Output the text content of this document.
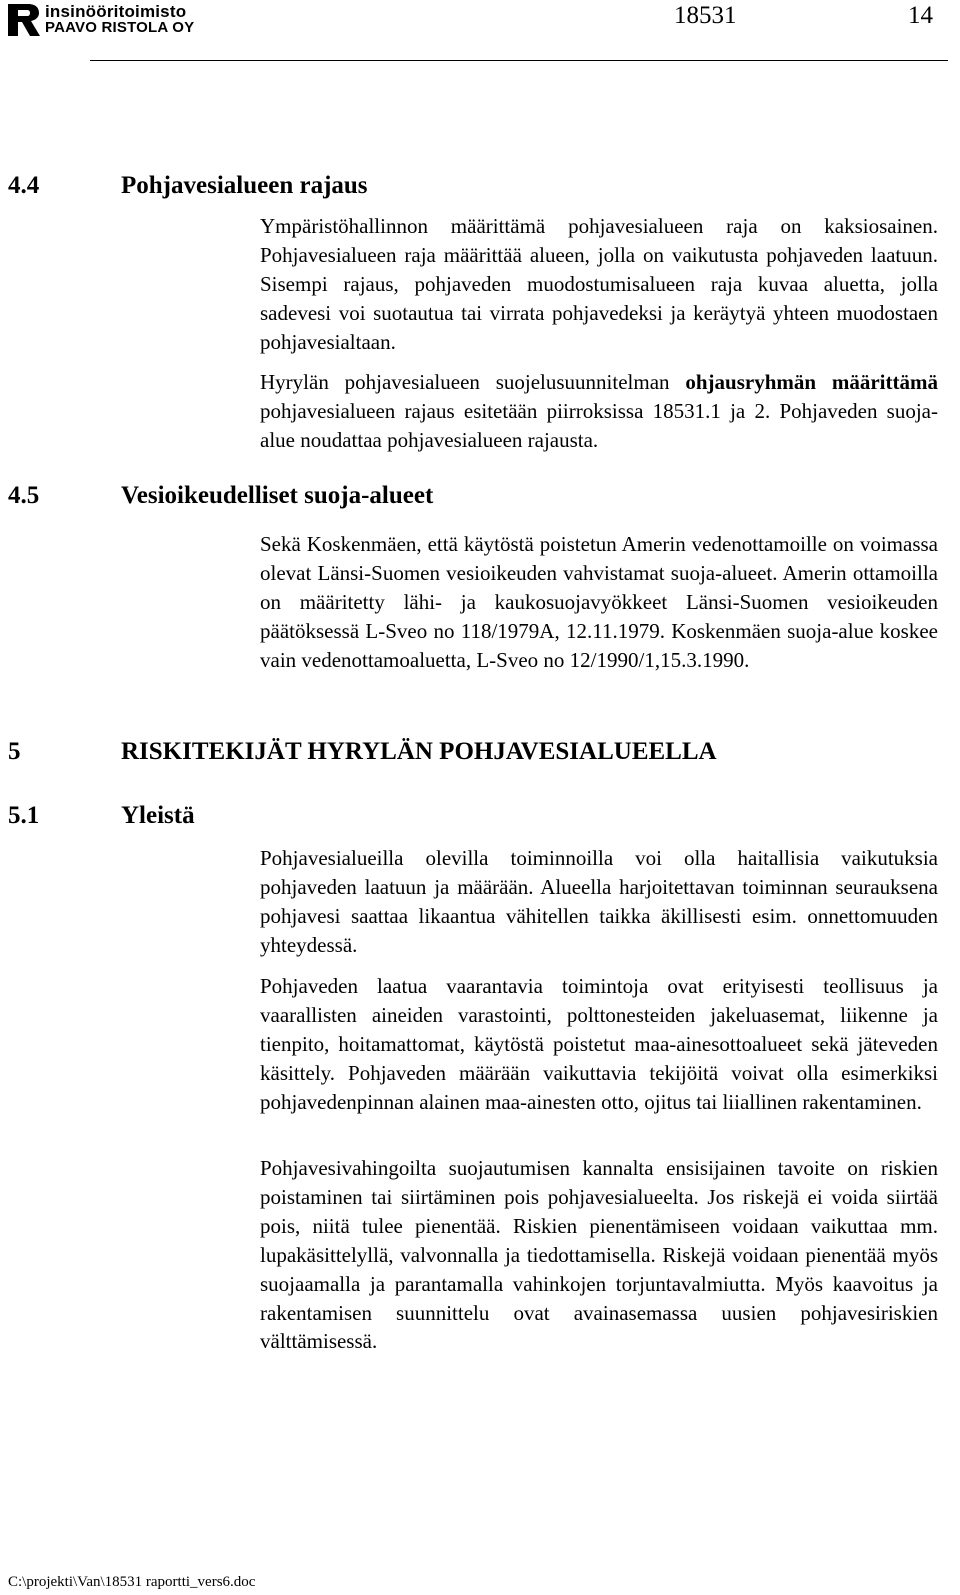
insinööritoimisto
PAAVO RISTOLA OY	18531	14
4.4	Pohjavesialueen rajaus

Ympäristöhallinnon määrittämä pohjavesialueen raja on kaksiosainen. Pohjavesialueen raja määrittää alueen, jolla on vaikutusta pohjaveden laatuun. Sisempi rajaus, pohjaveden muodostumisalueen raja kuvaa aluetta, jolla sadevesi voi suotautua tai virrata pohjavedeksi ja keräytyä yhteen muodostaen pohjavesialtaan.

Hyrylän pohjavesialueen suojelusuunnitelman ohjausryhmän määrittämä pohjavesialueen rajaus esitetään piirroksissa 18531.1 ja 2. Pohjaveden suoja-alue noudattaa pohjavesialueen rajausta.

4.5	Vesioikeudelliset suoja-alueet

Sekä Koskenmäen, että käytöstä poistetun Amerin vedenottamoille on voimassa olevat Länsi-Suomen vesioikeuden vahvistamat suoja-alueet. Amerin ottamoilla on määritetty lähi- ja kaukosuojavyökkeet Länsi-Suomen vesioikeuden päätöksessä L-Sveo no 118/1979A, 12.11.1979. Koskenmäen suoja-alue koskee vain vedenottamoaluetta, L-Sveo no 12/1990/1,15.3.1990.

5	RISKITEKIJÄT HYRYLÄN POHJAVESIALUEELLA
5.1	Yleistä

Pohjavesialueilla olevilla toiminnoilla voi olla haitallisia vaikutuksia pohjaveden laatuun ja määrään. Alueella harjoitettavan toiminnan seurauksena pohjavesi saattaa likaantua vähitellen taikka äkillisesti esim. onnettomuuden yhteydessä.

Pohjaveden laatua vaarantavia toimintoja ovat erityisesti teollisuus ja vaarallisten aineiden varastointi, polttonesteiden jakeluasemat, liikenne ja tienpito, hoitamattomat, käytöstä poistetut maa-ainesottoalueet sekä jäteveden käsittely. Pohjaveden määrään vaikuttavia tekijöitä voivat olla esimerkiksi pohjavedenpinnan alainen maa-ainesten otto, ojitus tai liiallinen rakentaminen.

Pohjavesivahingoilta suojautumisen kannalta ensisijainen tavoite on riskien poistaminen tai siirtäminen pois pohjavesialueelta. Jos riskejä ei voida siirtää pois, niitä tulee pienentää. Riskien pienentämiseen voidaan vaikuttaa mm. lupakäsittelyllä, valvonnalla ja tiedottamisella. Riskejä voidaan pienentää myös suojaamalla ja parantamalla vahinkojen torjuntavalmiutta. Myös kaavoitus ja rakentamisen suunnittelu ovat avainasemassa uusien pohjavesiriskien välttämisessä.

C:\projekti\Van\18531 raportti_vers6.doc
